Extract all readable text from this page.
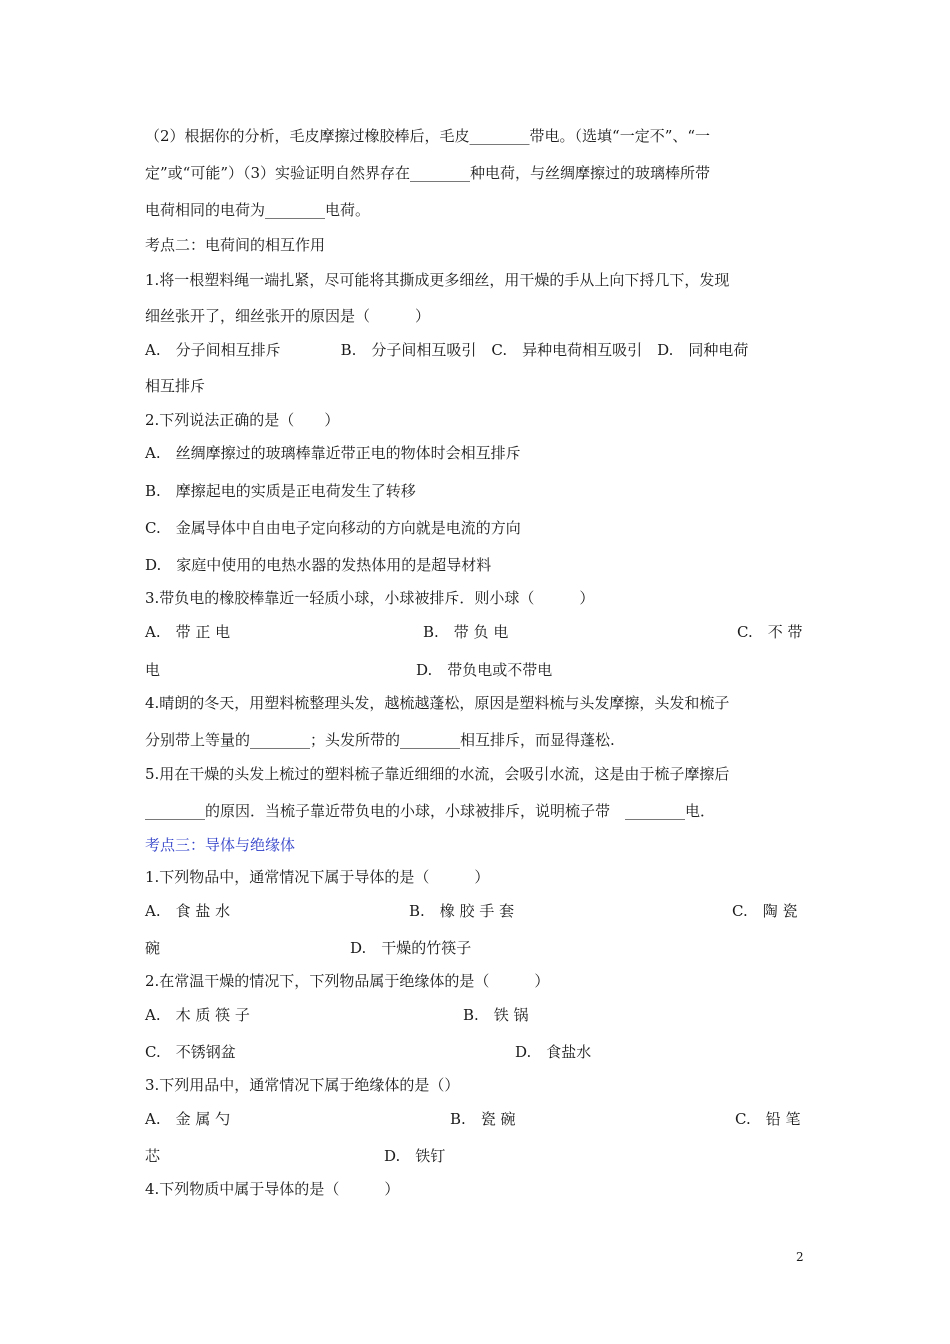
（2）根据你的分析，毛皮摩擦过橡胶棒后，毛皮________带电。（选填“一定不”、“一
定”或“可能”）（3）实验证明自然界存在________种电荷，与丝绸摩擦过的玻璃棒所带
电荷相同的电荷为________电荷。
考点二：电荷间的相互作用
1.将一根塑料绳一端扎紧，尽可能将其撕成更多细丝，用干燥的手从上向下捋几下，发现
细丝张开了，细丝张开的原因是（　　　）
A.　分子间相互排斥　　　　B.　分子间相互吸引　C.　异种电荷相互吸引　D.　同种电荷
相互排斥
2.下列说法正确的是（　　）
A.　丝绸摩擦过的玻璃棒靠近带正电的物体时会相互排斥
B.　摩擦起电的实质是正电荷发生了转移
C.　金属导体中自由电子定向移动的方向就是电流的方向
D.　家庭中使用的电热水器的发热体用的是超导材料
3.带负电的橡胶棒靠近一轻质小球，小球被排斥．则小球（　　　）
A.　带 正 电	B.　带 负 电	C.　不 带
电	D.　带负电或不带电
4.晴朗的冬天，用塑料梳整理头发，越梳越蓬松，原因是塑料梳与头发摩擦，头发和梳子
分别带上等量的________；头发所带的________相互排斥，而显得蓬松.
5.用在干燥的头发上梳过的塑料梳子靠近细细的水流，会吸引水流，这是由于梳子摩擦后
________的原因．当梳子靠近带负电的小球，小球被排斥，说明梳子带　________电．
考点三：导体与绝缘体
1.下列物品中，通常情况下属于导体的是（　　　）
A.　食 盐 水	B.　橡 胶 手 套	C.　陶 瓷
碗	D.　干燥的竹筷子
2.在常温干燥的情况下，下列物品属于绝缘体的是（　　　）
A.　木 质 筷 子	B.　铁 锅
C.　不锈钢盆	D.　食盐水
3.下列用品中，通常情况下属于绝缘体的是（）
A.　金 属 勺	B.　瓷 碗	C.　铅 笔
芯	D.　铁钉
4.下列物质中属于导体的是（　　　）
2
